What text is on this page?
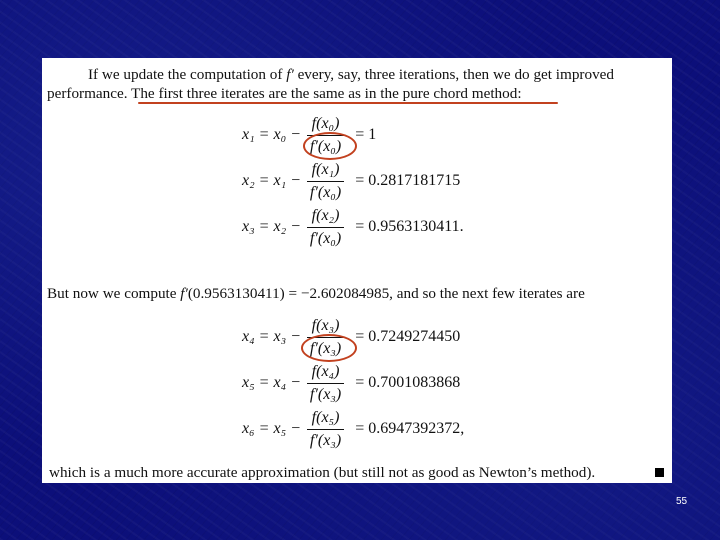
If we update the computation of f′ every, say, three iterations, then we do get improved
performance. The first three iterates are the same as in the pure chord method:
$x_1 = x_0 - \frac{\text{f(x₀)}}{\text{f′(x₀)}} = 1$
$x_2 = x_1 - \frac{\text{f(x₁)}}{\text{f′(x₀)}} = 0.2817181715$
$x_3 = x_2 - \frac{\text{f(x₂)}}{\text{f′(x₀)}} = 0.9563130411$.
But now we compute f′(0.9563130411) = −2.602084985, and so the next few iterates are
$x_4 = x_3 - \frac{\text{f(x₃)}}{\text{f′(x₃)}} = 0.7249274450$
$x_5 = x_4 - \frac{\text{f(x₄)}}{\text{f′(x₃)}} = 0.7001083868$
$x_6 = x_5 - \frac{\text{f(x₅)}}{\text{f′(x₃)}} = 0.6947392372$,
which is a much more accurate approximation (but still not as good as Newton’s method).
55
